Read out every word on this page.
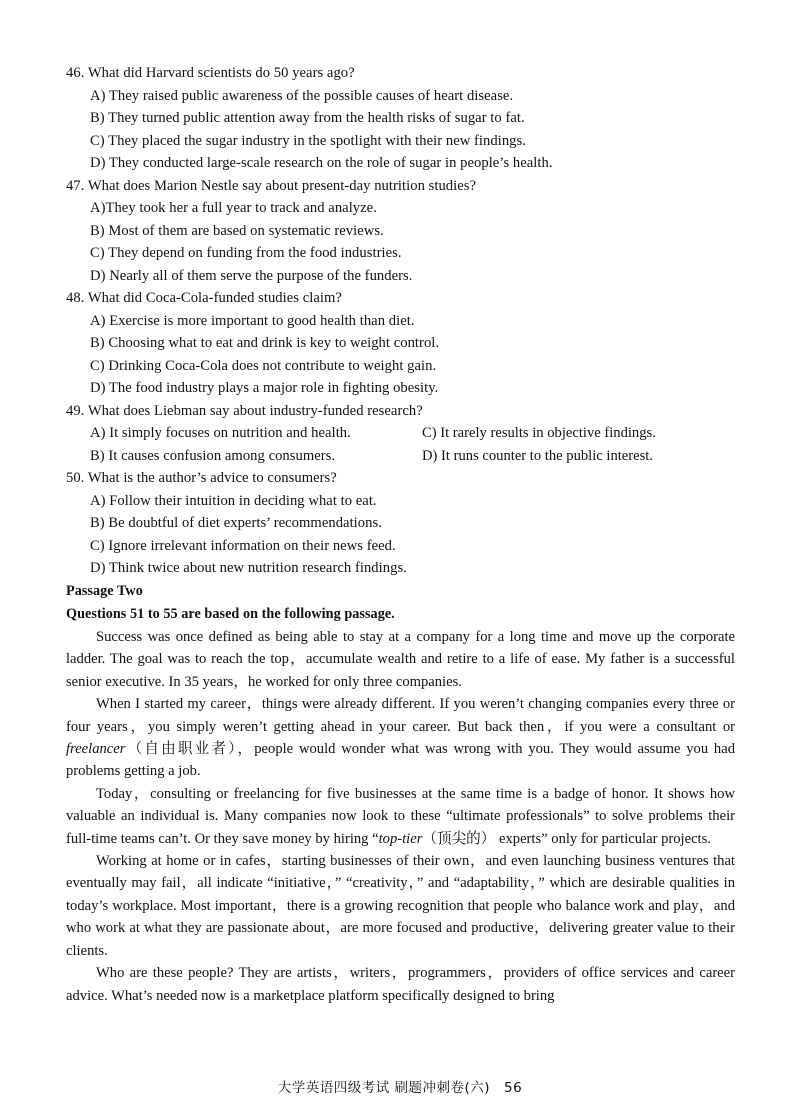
46. What did Harvard scientists do 50 years ago?
A) They raised public awareness of the possible causes of heart disease.
B) They turned public attention away from the health risks of sugar to fat.
C) They placed the sugar industry in the spotlight with their new findings.
D) They conducted large-scale research on the role of sugar in people’s health.
47. What does Marion Nestle say about present-day nutrition studies?
A)They took her a full year to track and analyze.
B) Most of them are based on systematic reviews.
C) They depend on funding from the food industries.
D) Nearly all of them serve the purpose of the funders.
48. What did Coca-Cola-funded studies claim?
A) Exercise is more important to good health than diet.
B) Choosing what to eat and drink is key to weight control.
C) Drinking Coca-Cola does not contribute to weight gain.
D) The food industry plays a major role in fighting obesity.
49. What does Liebman say about industry-funded research?
A) It simply focuses on nutrition and health.	C) It rarely results in objective findings.
B) It causes confusion among consumers.	D) It runs counter to the public interest.
50. What is the author’s advice to consumers?
A) Follow their intuition in deciding what to eat.
B) Be doubtful of diet experts’ recommendations.
C) Ignore irrelevant information on their news feed.
D) Think twice about new nutrition research findings.
Passage Two
Questions 51 to 55 are based on the following passage.

Success was once defined as being able to stay at a company for a long time and move up the corporate ladder. The goal was to reach the top，accumulate wealth and retire to a life of ease. My father is a successful senior executive. In 35 years，he worked for only three companies.

When I started my career，things were already different. If you weren’t changing companies every three or four years，you simply weren’t getting ahead in your career. But back then，if you were a consultant or freelancer（自由职业者），people would wonder what was wrong with you. They would assume you had problems getting a job.

Today，consulting or freelancing for five businesses at the same time is a badge of honor. It shows how valuable an individual is. Many companies now look to these “ultimate professionals” to solve problems their full-time teams can’t. Or they save money by hiring “top-tier（顶尖的） experts” only for particular projects.

Working at home or in cafes，starting businesses of their own，and even launching business ventures that eventually may fail，all indicate “initiative，” “creativity，” and “adaptability，” which are desirable qualities in today’s workplace. Most important，there is a growing recognition that people who balance work and play，and who work at what they are passionate about，are more focused and productive，delivering greater value to their clients.

Who are these people? They are artists，writers，programmers，providers of office services and career advice. What’s needed now is a marketplace platform specifically designed to bring

大学英语四级考试 刷题冲刺卷(六)　56
